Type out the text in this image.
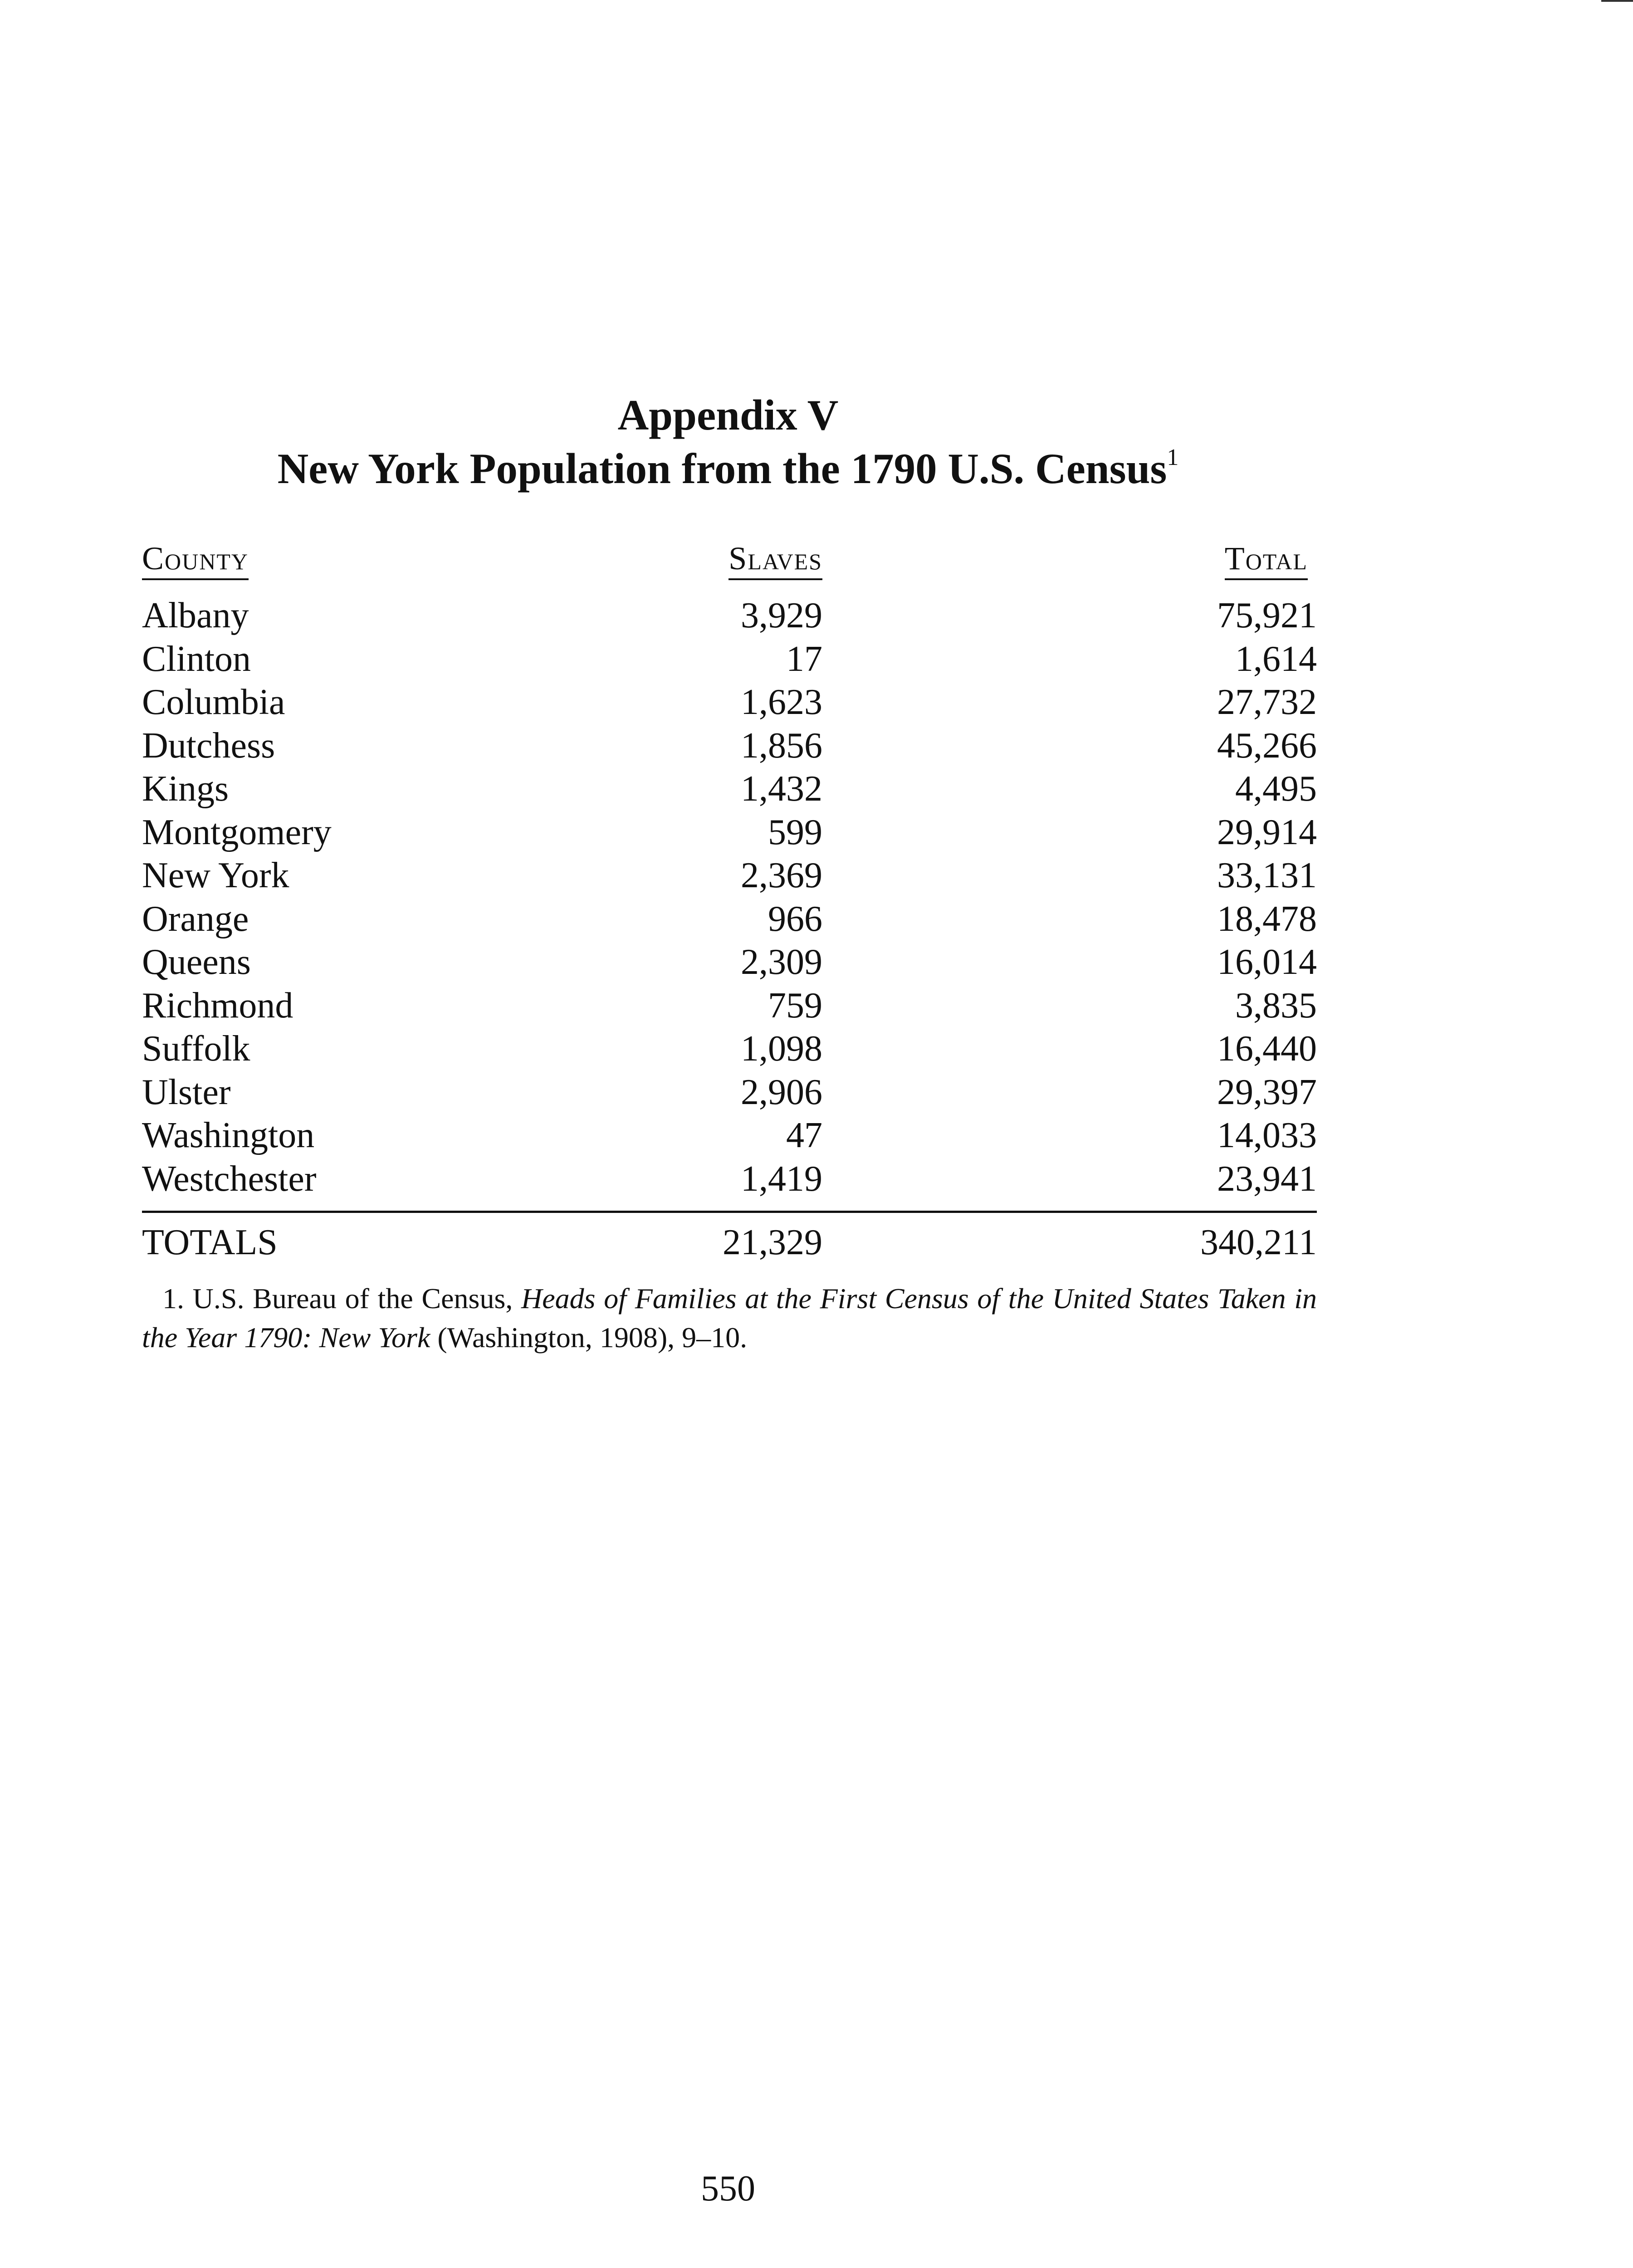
Appendix V
New York Population from the 1790 U.S. Census$^1$
County	Slaves	Total
Albany	3,929	75,921
Clinton	17	1,614
Columbia	1,623	27,732
Dutchess	1,856	45,266
Kings	1,432	4,495
Montgomery	599	29,914
New York	2,369	33,131
Orange	966	18,478
Queens	2,309	16,014
Richmond	759	3,835
Suffolk	1,098	16,440
Ulster	2,906	29,397
Washington	47	14,033
Westchester	1,419	23,941
TOTALS	21,329	340,211
1. U.S. Bureau of the Census, Heads of Families at the First Census of the United States Taken in the Year 1790: New York (Washington, 1908), 9–10.
550
